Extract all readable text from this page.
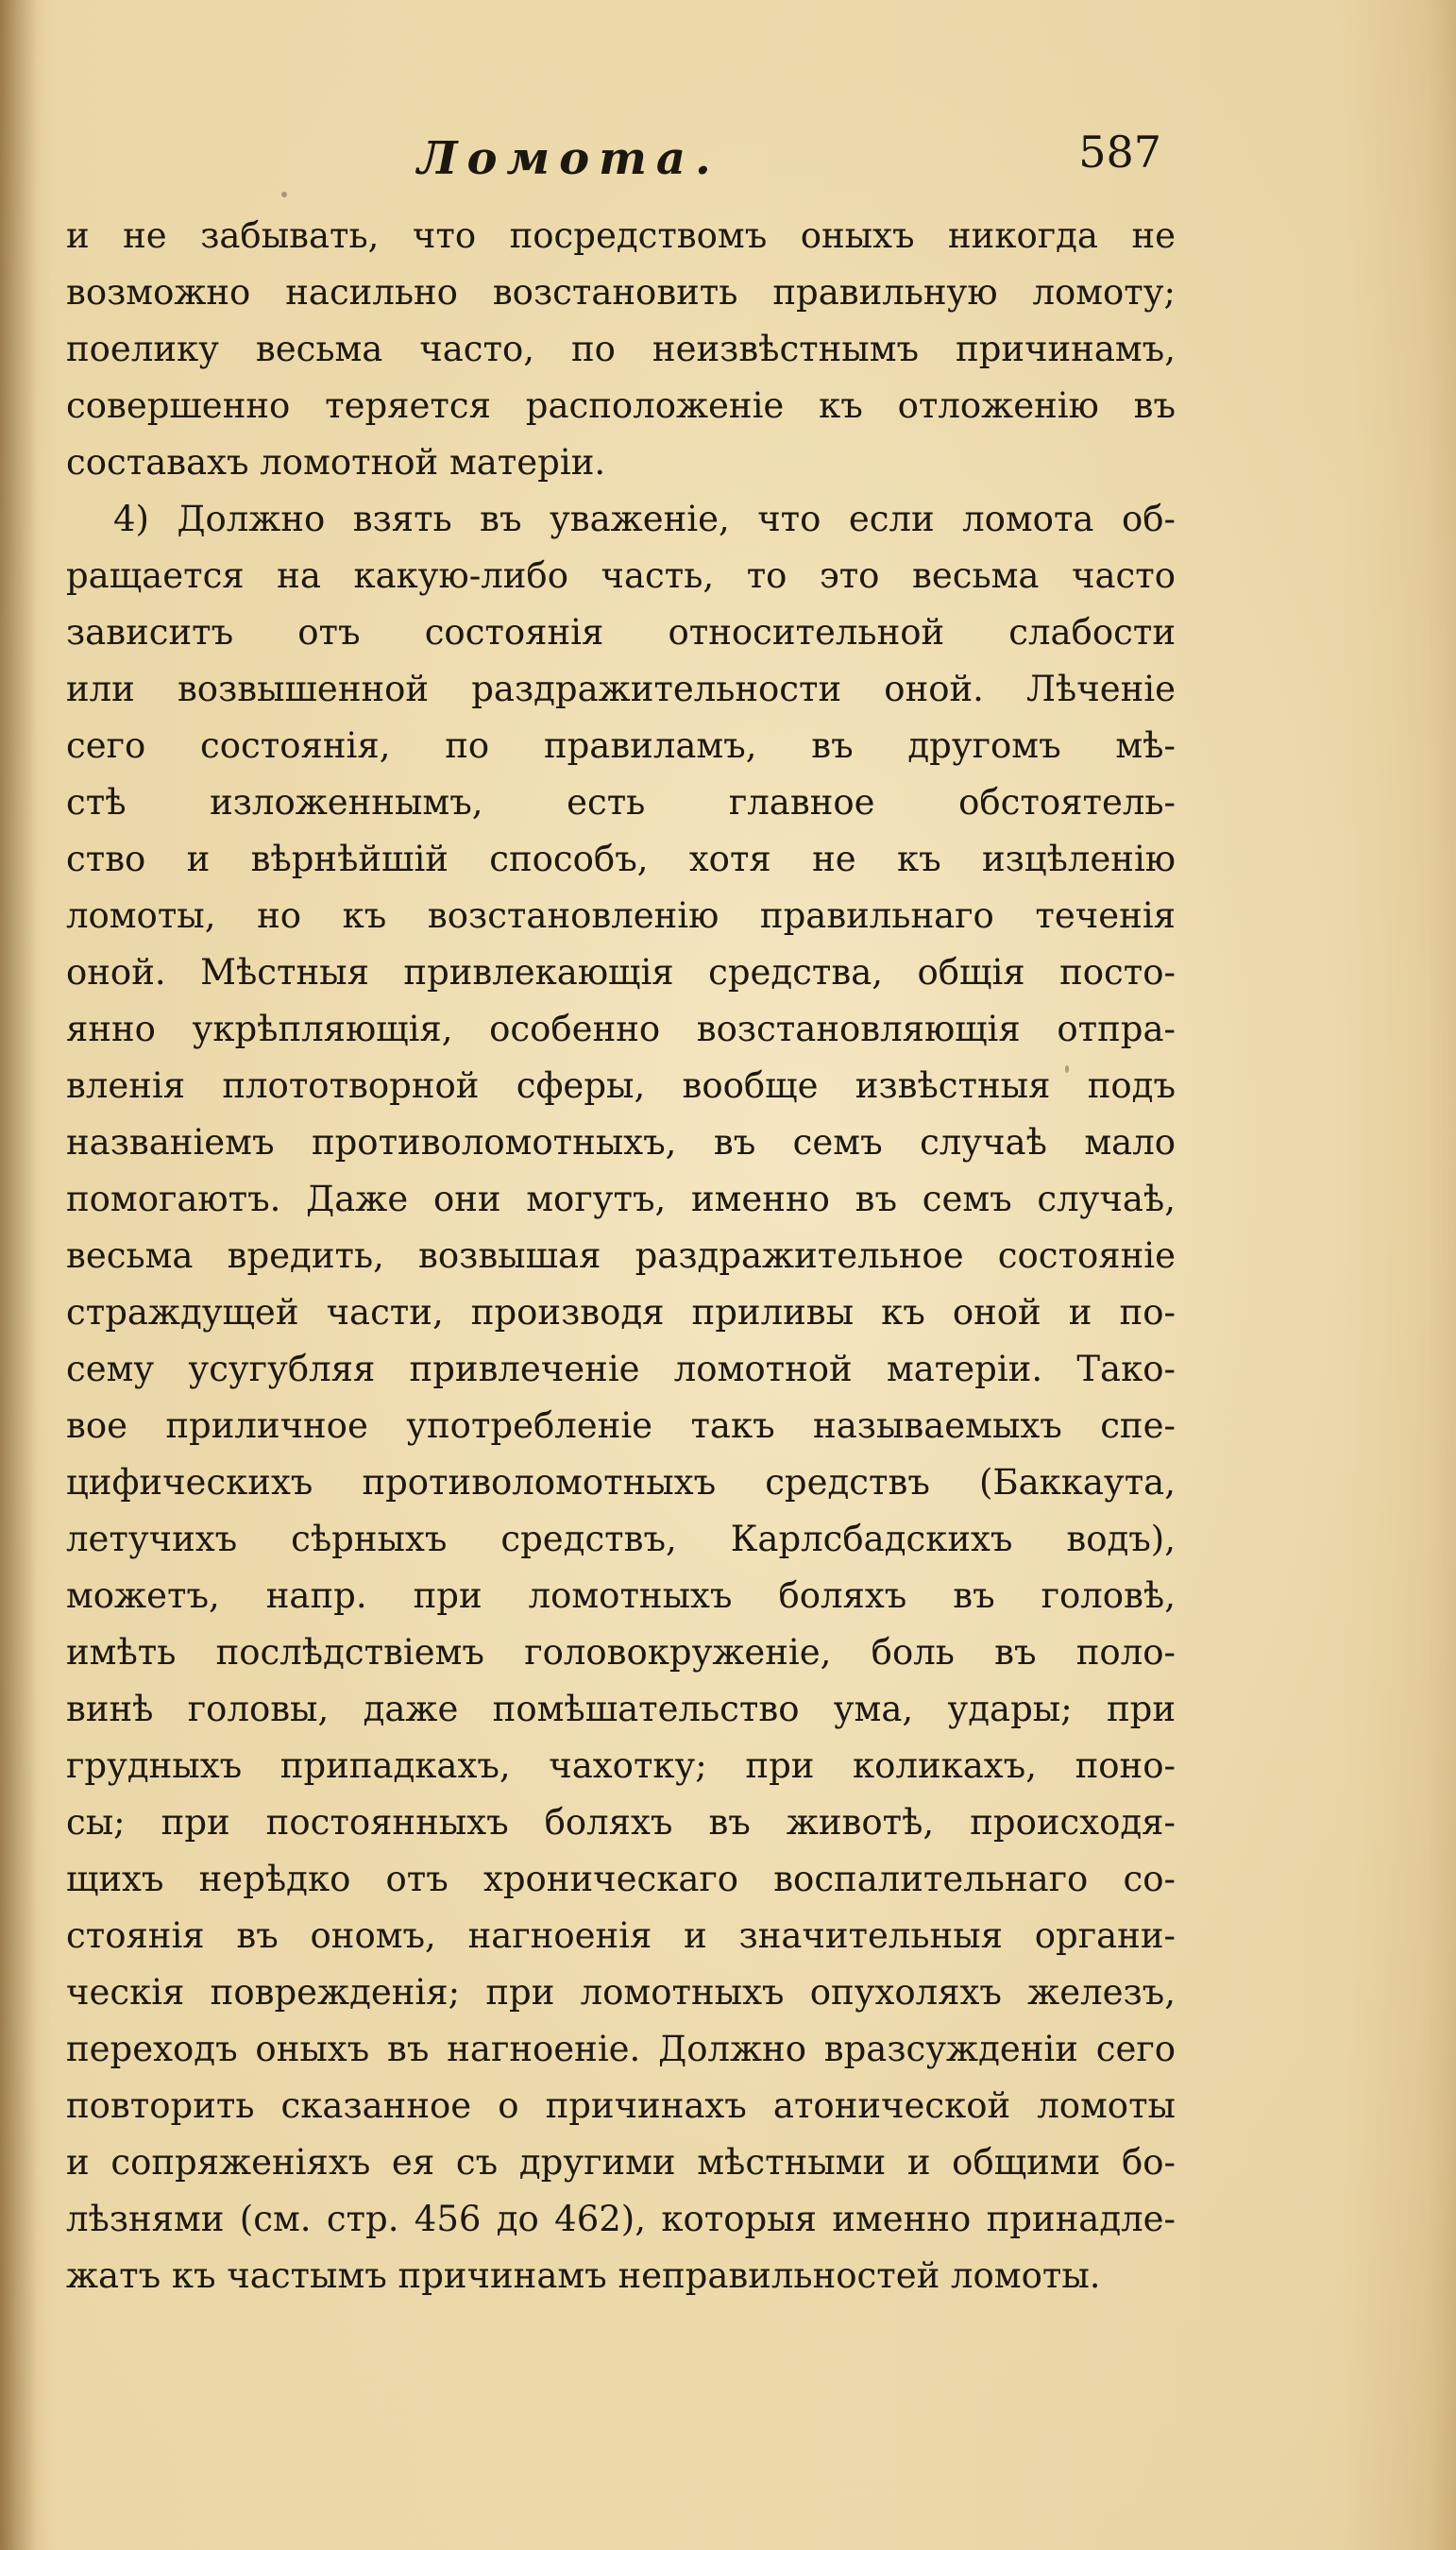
Ломота.	587
и не забывать, что посредствомъ оныхъ никогда не
возможно насильно возстановить правильную ломоту;
поелику весьма часто, по неизвѣстнымъ причинамъ,
совершенно теряется расположенiе къ отложенiю въ
составахъ ломотной матерiи.
4) Должно взять въ уваженiе, что если ломота об-
ращается на какую-либо часть, то это весьма часто
зависитъ отъ состоянiя относительной слабости
или возвышенной раздражительности оной. Лѣченiе
сего состоянiя, по правиламъ, въ другомъ мѣ-
стѣ изложеннымъ, есть главное обстоятель-
ство и вѣрнѣйшiй способъ, хотя не къ изцѣленiю
ломоты, но къ возстановленiю правильнаго теченiя
оной. Мѣстныя привлекающiя средства, общiя посто-
янно укрѣпляющiя, особенно возстановляющiя отпра-
вленiя плототворной сферы, вообще извѣстныя подъ
названiемъ противоломотныхъ, въ семъ случаѣ мало
помогаютъ. Даже они могутъ, именно въ семъ случаѣ,
весьма вредить, возвышая раздражительное состоянiе
страждущей части, производя приливы къ оной и по-
сему усугубляя привлеченiе ломотной матерiи. Тако-
вое приличное употребленiе такъ называемыхъ спе-
цифическихъ противоломотныхъ средствъ (Баккаута,
летучихъ сѣрныхъ средствъ, Карлсбадскихъ водъ),
можетъ, напр. при ломотныхъ боляхъ въ головѣ,
имѣть послѣдствiемъ головокруженiе, боль въ поло-
винѣ головы, даже помѣшательство ума, удары; при
грудныхъ припадкахъ, чахотку; при коликахъ, поно-
сы; при постоянныхъ боляхъ въ животѣ, происходя-
щихъ нерѣдко отъ хроническаго воспалительнаго со-
стоянiя въ ономъ, нагноенiя и значительныя органи-
ческiя поврежденiя; при ломотныхъ опухоляхъ железъ,
переходъ оныхъ въ нагноенiе. Должно вразсужденiи сего
повторить сказанное о причинахъ атонической ломоты
и сопряженiяхъ ея съ другими мѣстными и общими бо-
лѣзнями (см. стр. 456 до 462), которыя именно принадле-
жатъ къ частымъ причинамъ неправильностей ломоты.
